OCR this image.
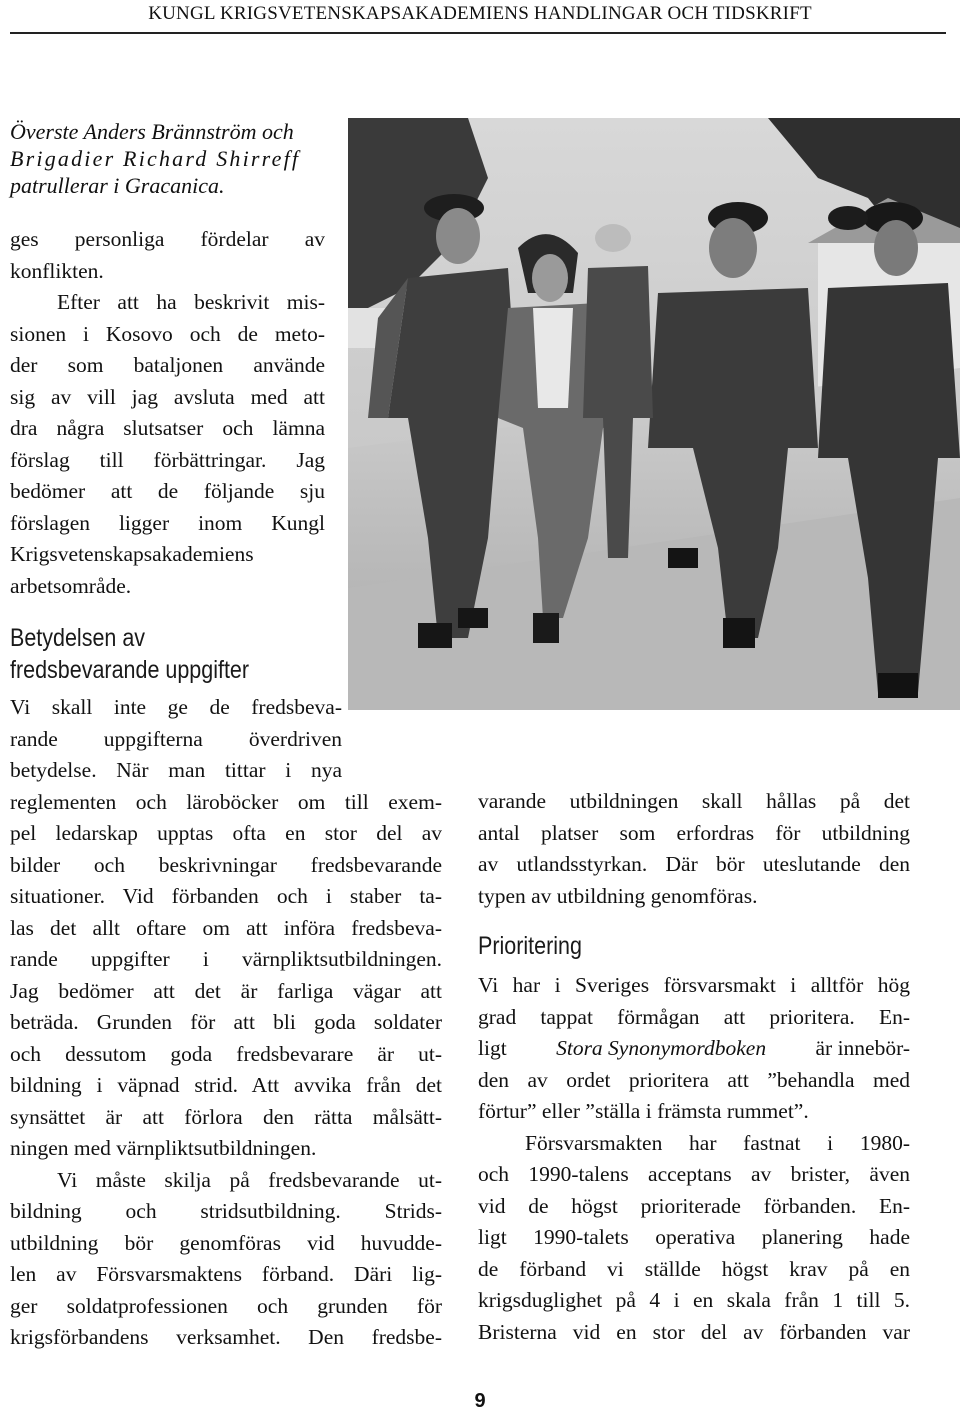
KUNGL KRIGSVETENSKAPSAKADEMIENS HANDLINGAR OCH TIDSKRIFT
Överste Anders Brännström och
Brigadier Richard Shirreff
patrullerar i Gracanica.
ges personliga fördelar av
konflikten.
Efter att ha beskrivit mis-
sionen i Kosovo och de meto-
der som bataljonen använde
sig av vill jag avsluta med att
dra några slutsatser och lämna
förslag till förbättringar. Jag
bedömer att de följande sju
förslagen ligger inom Kungl
Krigsvetenskapsakademiens
arbetsområde.
Betydelsen av
fredsbevarande uppgifter
Vi skall inte ge de fredsbeva-
rande uppgifterna överdriven
betydelse. När man tittar i nya
reglementen och läroböcker om till exem-
pel ledarskap upptas ofta en stor del av
bilder och beskrivningar fredsbevarande
situationer. Vid förbanden och i staber ta-
las det allt oftare om att införa fredsbeva-
rande uppgifter i värnpliktsutbildningen.
Jag bedömer att det är farliga vägar att
beträda. Grunden för att bli goda soldater
och dessutom goda fredsbevarare är ut-
bildning i väpnad strid. Att avvika från det
synsättet är att förlora den rätta målsätt-
ningen med värnpliktsutbildningen.
Vi måste skilja på fredsbevarande ut-
bildning och stridsutbildning. Strids-
utbildning bör genomföras vid huvudde-
len av Försvarsmaktens förband. Däri lig-
ger soldatprofessionen och grunden för
krigsförbandens verksamhet. Den fredsbe-
varande utbildningen skall hållas på det
antal platser som erfordras för utbildning
av utlandsstyrkan. Där bör uteslutande den
typen av utbildning genomföras.
Prioritering
Vi har i Sveriges försvarsmakt i alltför hög
grad tappat förmågan att prioritera. En-
ligt Stora Synonymordboken är innebör-
den av ordet prioritera att ”behandla med
förtur” eller ”ställa i främsta rummet”.
Försvarsmakten har fastnat i 1980-
och 1990-talens acceptans av brister, även
vid de högst prioriterade förbanden. En-
ligt 1990-talets operativa planering hade
de förband vi ställde högst krav på en
krigsduglighet på 4 i en skala från 1 till 5.
Bristerna vid en stor del av förbanden var
9
